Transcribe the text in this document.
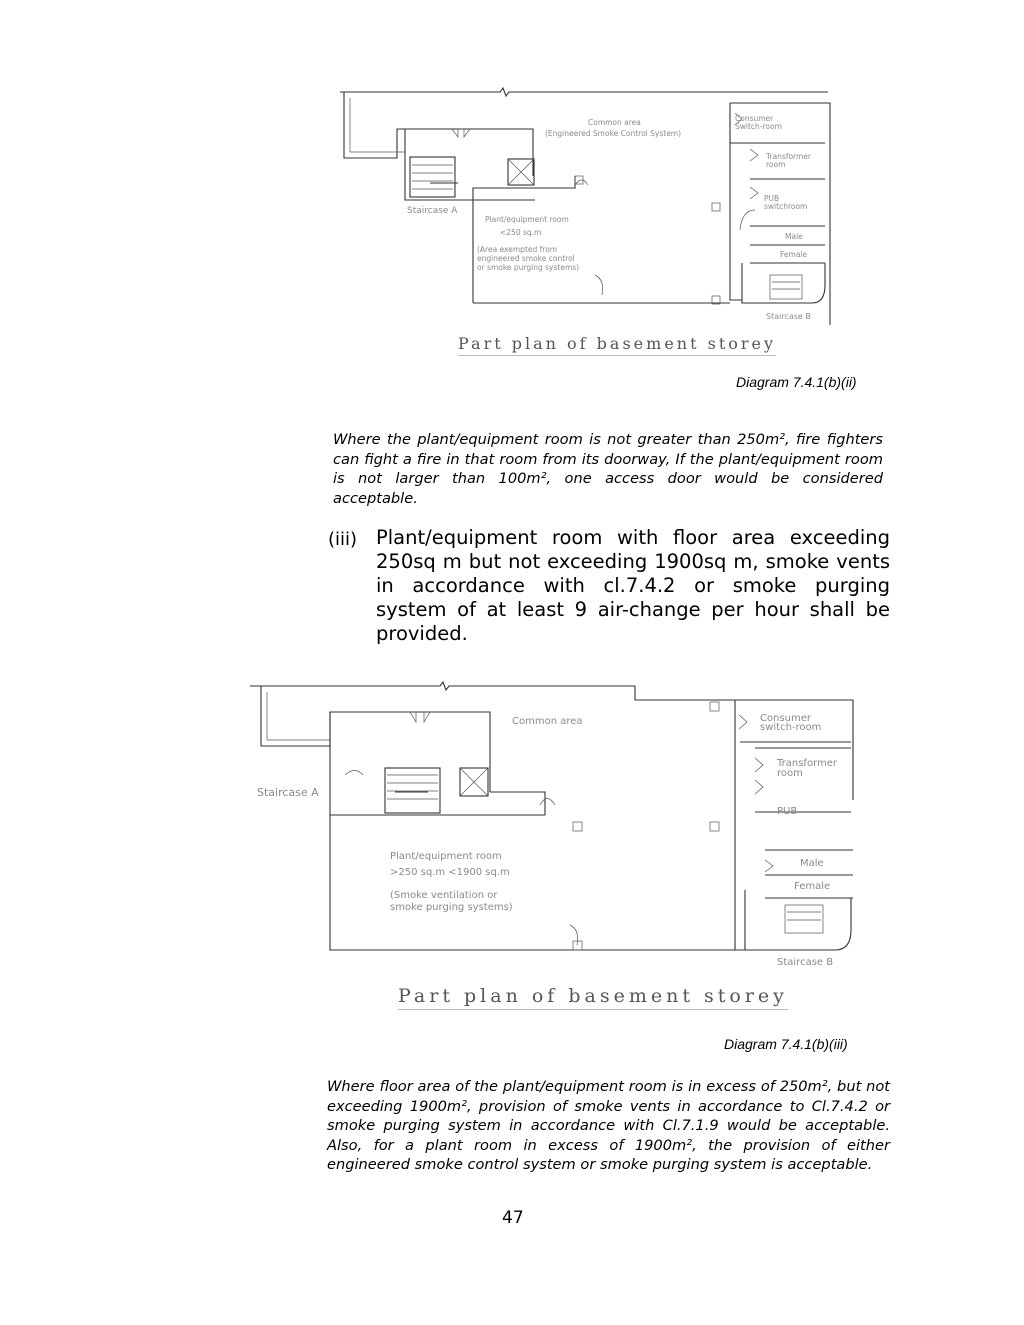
Common area
(Engineered Smoke Control System)
Consumer
Switch-room
Transformer
room
PUB
switchroom
Male
Female
Staircase A
Staircase B
Plant/equipment room
<250 sq.m
(Area exempted from
engineered smoke control
or smoke purging systems)
Part plan of basement storey
Diagram 7.4.1(b)(ii)

Where the plant/equipment room is not greater than 250m², fire fighters can fight a fire in that room from its doorway, If the plant/equipment room is not larger than 100m², one access door would be considered acceptable.

(iii) Plant/equipment room with floor area exceeding 250sq m but not exceeding 1900sq m, smoke vents in accordance with cl.7.4.2 or smoke purging system of at least 9 air-change per hour shall be provided.

Common area	Consumer
switch-room
Transformer
room
PUB
Male
Female
Staircase A
Staircase B
Plant/equipment room
>250 sq.m <1900 sq.m
(Smoke ventilation or
smoke purging systems)
Part plan of basement storey
Diagram 7.4.1(b)(iii)

Where floor area of the plant/equipment room is in excess of 250m², but not exceeding 1900m², provision of smoke vents in accordance to Cl.7.4.2 or smoke purging system in accordance with Cl.7.1.9 would be acceptable. Also, for a plant room in excess of 1900m², the provision of either engineered smoke control system or smoke purging system is acceptable.

47
